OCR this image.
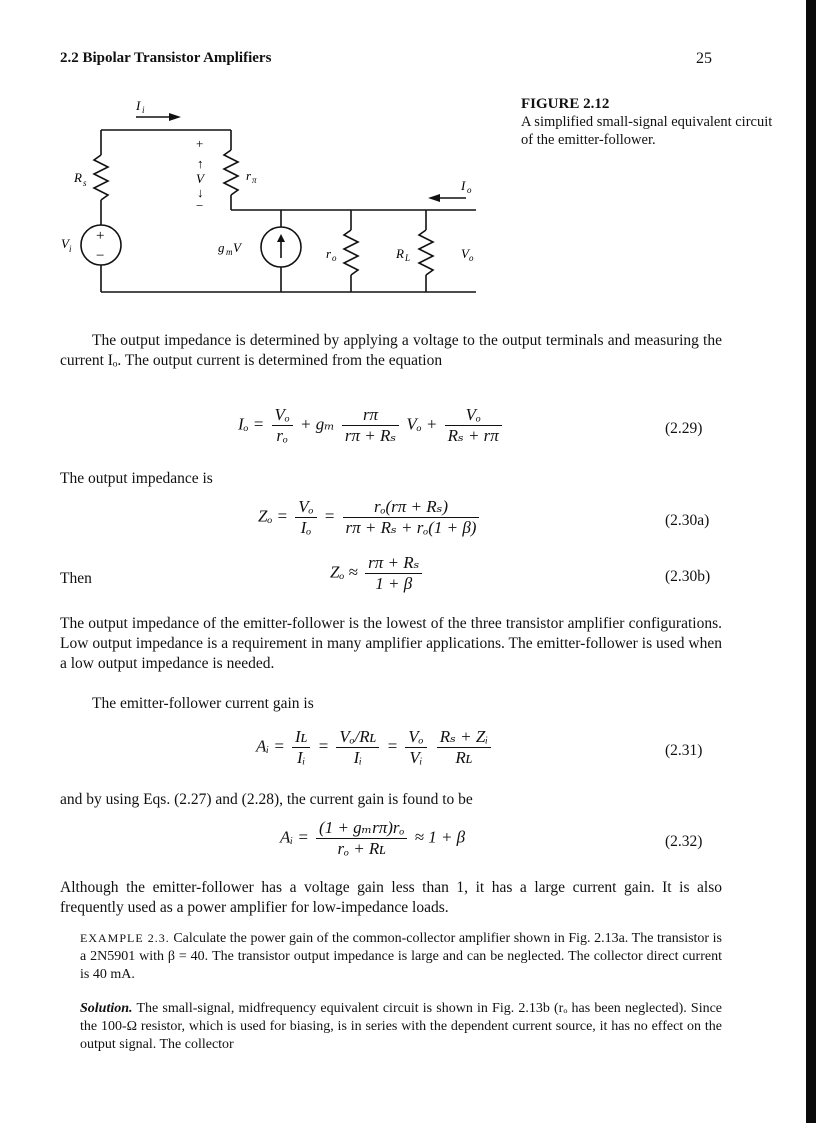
2.2 Bipolar Transistor Amplifiers	25
+
−
+
↑
V
↓
−
I i
R s
V i
r π
g m V	r o	R L	V o
I o
FIGURE 2.12
A simplified small-signal equivalent circuit of the emitter-follower.
The output impedance is determined by applying a voltage to the output terminals and measuring the current Iₒ. The output current is determined from the equation
$I_o = \frac{\text{Vₒ}}{\text{rₒ}} + g_m \frac{r\pi}{\text{rπ + Rₛ}}$ $V_o + \frac{\text{Vₒ}}{\text{Rₛ + rπ}}$	(2.29)
The output impedance is
$Z_o = \frac{\text{Vₒ}}{\text{Iₒ}} = \frac{\text{rₒ(rπ + Rₛ)}}{\text{rπ + Rₛ + rₒ(1 + β)}}$	(2.30a)
Then	$Z_o \approx \frac{\text{rπ + Rₛ}}{1 + \beta}$	(2.30b)
The output impedance of the emitter-follower is the lowest of the three transistor amplifier configurations. Low output impedance is a requirement in many amplifier applications. The emitter-follower is used when a low output impedance is needed.
The emitter-follower current gain is
Aᵢ = $\frac{\text{Iʟ}}{\text{Iᵢ}} = \frac{\text{Vₒ/Rʟ}}{\text{Iᵢ}} = \frac{\text{Vₒ}}{\text{Vᵢ}}$
$\frac{\text{Rₛ + Zᵢ}}{\text{Rʟ}}$	(2.31)
and by using Eqs. (2.27) and (2.28), the current gain is found to be
Aᵢ = $\frac{\text{(1 + gₘrπ)rₒ}}{\text{rₒ + Rʟ}} \approx 1 + \beta$	(2.32)
Although the emitter-follower has a voltage gain less than 1, it has a large current gain. It is also frequently used as a power amplifier for low-impedance loads.
EXAMPLE 2.3. Calculate the power gain of the common-collector amplifier shown in Fig. 2.13a. The transistor is a 2N5901 with β = 40. The transistor output impedance is large and can be neglected. The collector direct current is 40 mA.
Solution. The small-signal, midfrequency equivalent circuit is shown in Fig. 2.13b (rₒ has been neglected). Since the 100-Ω resistor, which is used for biasing, is in series with the dependent current source, it has no effect on the output signal. The collector
